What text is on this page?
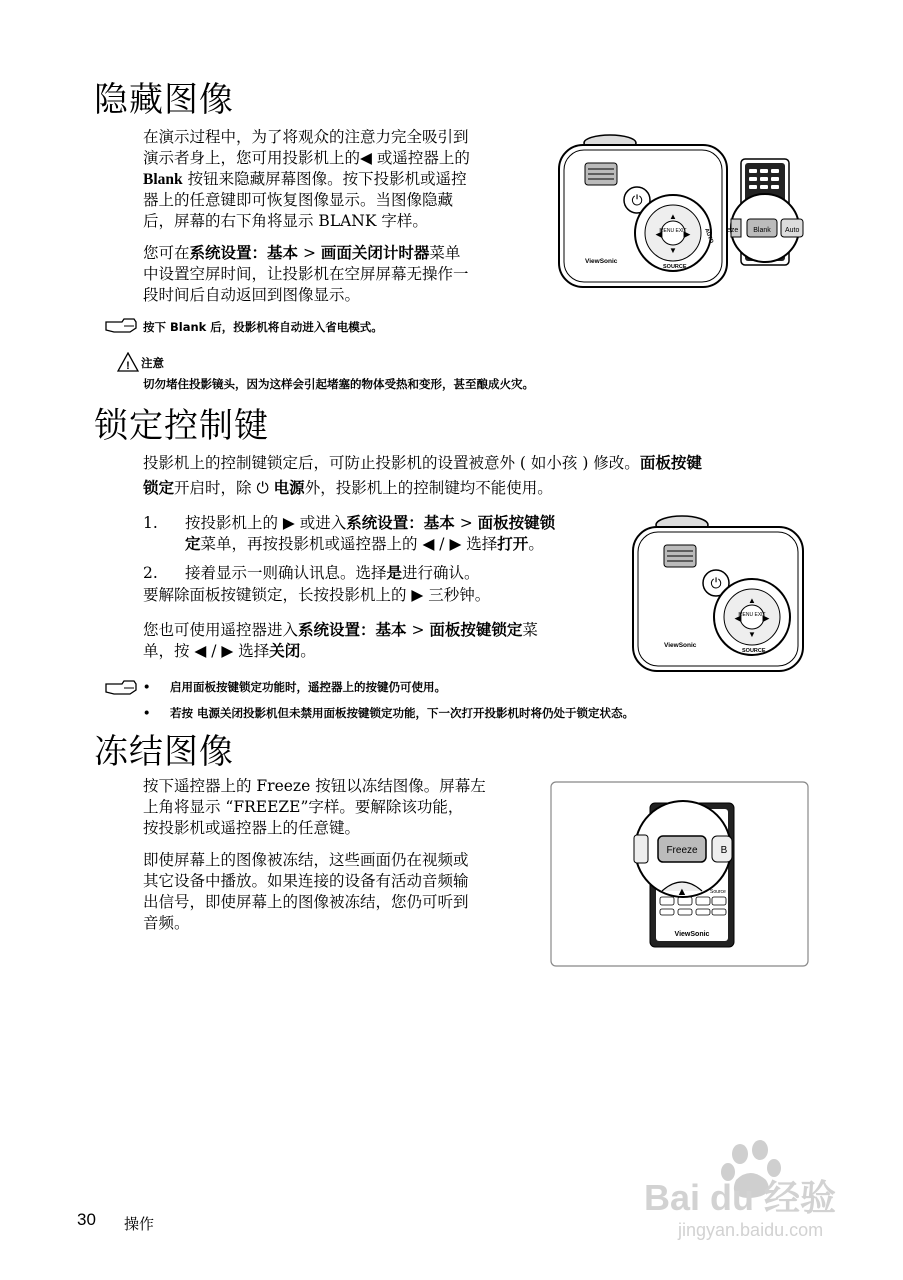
隐藏图像
在演示过程中，为了将观众的注意力完全吸引到
演示者身上，您可用投影机上的◀ 或遥控器上的
Blank 按钮来隐藏屏幕图像。按下投影机或遥控
器上的任意键即可恢复图像显示。当图像隐藏
后，屏幕的右下角将显示 BLANK 字样。
您可在系统设置：基本 > 画面关闭计时器菜单
中设置空屏时间，让投影机在空屏屏幕无操作一
段时间后自动返回到图像显示。
⏻
MENU EXIT
◀ ▶
▲
▼
SOURCE
AUTO
ViewSonic
eze Blank Auto
按下 Blank 后，投影机将自动进入省电模式。
! 注意
切勿堵住投影镜头，因为这样会引起堵塞的物体受热和变形，甚至酿成火灾。
锁定控制键
投影机上的控制键锁定后，可防止投影机的设置被意外 ( 如小孩 ) 修改。面板按键
锁定开启时，除 ⏻ 电源外，投影机上的控制键均不能使用。
1. 按投影机上的 ▶ 或进入系统设置：基本 > 面板按键锁
定菜单，再按投影机或遥控器上的 ◀ / ▶ 选择打开。
2. 接着显示一则确认讯息。选择是进行确认。
要解除面板按键锁定，长按投影机上的 ▶ 三秒钟。
您也可使用遥控器进入系统设置：基本 > 面板按键锁定菜
单，按 ◀ / ▶ 选择关闭。
⏻
MENU EXIT
◀ ▶
▲
▼
SOURCE
ViewSonic
• 启用面板按键锁定功能时，遥控器上的按键仍可使用。
• 若按 电源关闭投影机但未禁用面板按键锁定功能，下一次打开投影机时将仍处于锁定状态。
冻结图像
按下遥控器上的 Freeze 按钮以冻结图像。屏幕左
上角将显示 “FREEZE”字样。要解除该功能，
按投影机或遥控器上的任意键。
即使屏幕上的图像被冻结，这些画面仍在视频或
其它设备中播放。如果连接的设备有活动音频输
出信号，即使屏幕上的图像被冻结，您仍可听到
音频。
Source
ViewSonic
Freeze B
▲
30 操作
Bai du 经验
jingyan.baidu.com
